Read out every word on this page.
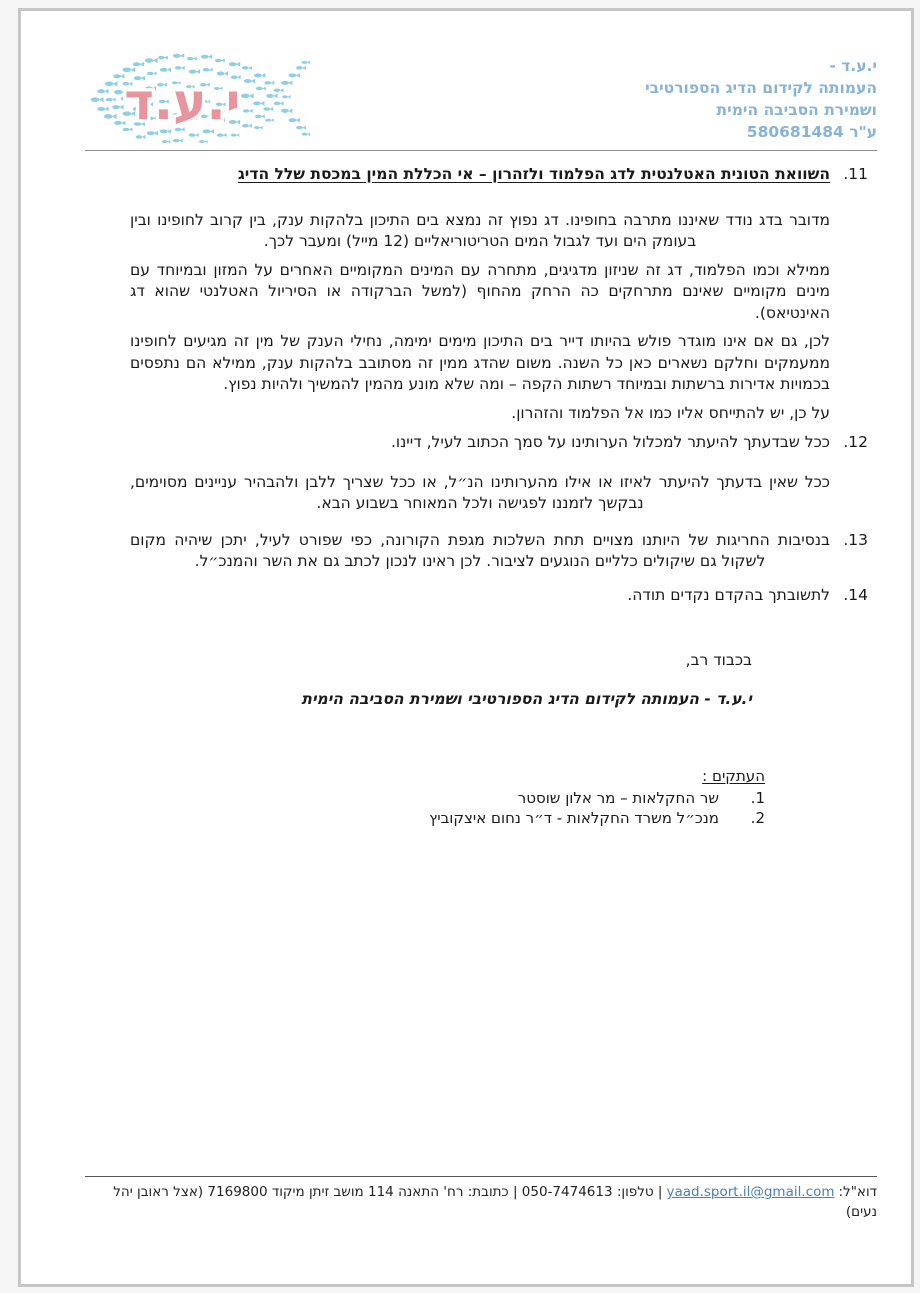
י.ע.ד
י.ע.ד -
העמותה לקידום הדיג הספורטיבי
ושמירת הסביבה הימית
ע"ר 580681484
11.
השוואת הטונית האטלנטית לדג הפלמוד ולזהרון – אי הכללת המין במכסת שלל הדיג

מדובר בדג נודד שאיננו מתרבה בחופינו. דג נפוץ זה נמצא בים התיכון בלהקות ענק, בין קרוב לחופינו ובין בעומק הים ועד לגבול המים הטריטוריאליים (12 מייל) ומעבר לכך.

ממילא וכמו הפלמוד, דג זה שניזון מדגיגים, מתחרה עם המינים המקומיים האחרים על המזון ובמיוחד עם מינים מקומיים שאינם מתרחקים כה הרחק מהחוף (למשל הברקודה או הסיריול האטלנטי שהוא דג האינטיאס).

לכן, גם אם אינו מוגדר פולש בהיותו דייר בים התיכון מימים ימימה, נחילי הענק של מין זה מגיעים לחופינו ממעמקים וחלקם נשארים כאן כל השנה. משום שהדג ממין זה מסתובב בלהקות ענק, ממילא הם נתפסים בכמויות אדירות ברשתות ובמיוחד רשתות הקפה – ומה שלא מונע מהמין להמשיך ולהיות נפוץ.

על כן, יש להתייחס אליו כמו אל הפלמוד והזהרון.

12.

ככל שבדעתך להיעתר למכלול הערותינו על סמך הכתוב לעיל, דיינו.

ככל שאין בדעתך להיעתר לאיזו או אילו מהערותינו הנ״ל, או ככל שצריך ללבן ולהבהיר עניינים מסוימים, נבקשך לזמננו לפגישה ולכל המאוחר בשבוע הבא.

13.

בנסיבות החריגות של היותנו מצויים תחת השלכות מגפת הקורונה, כפי שפורט לעיל, יתכן שיהיה מקום לשקול גם שיקולים כלליים הנוגעים לציבור. לכן ראינו לנכון לכתב גם את השר והמנכ״ל.

14.

לתשובתך בהקדם נקדים תודה.

בכבוד רב,
י.ע.ד - העמותה לקידום הדיג הספורטיבי ושמירת הסביבה הימית
העתקים :
1.
שר החקלאות – מר אלון שוסטר
2.
מנכ״ל משרד החקלאות - ד״ר נחום איצקוביץ
דוא"ל:yaad.sport.il@gmail.com| טלפון: 050-7474613 | כתובת: רח' התאנה 114 מושב זיתן מיקוד 7169800 (אצל ראובן יהל נעים)
